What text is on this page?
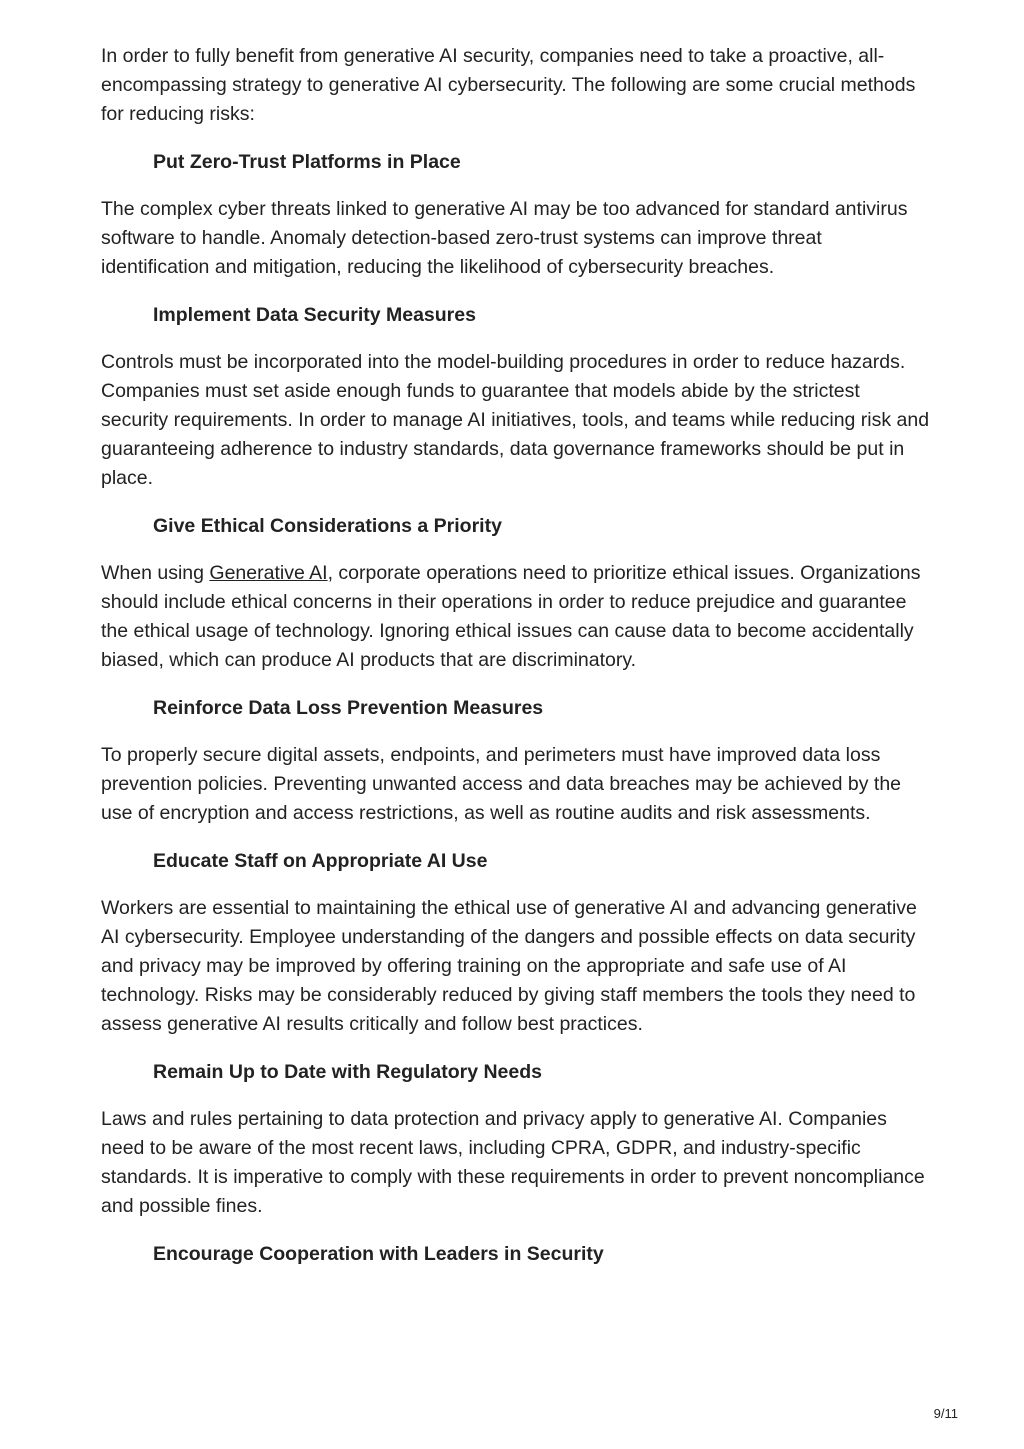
In order to fully benefit from generative AI security, companies need to take a proactive, all-encompassing strategy to generative AI cybersecurity. The following are some crucial methods for reducing risks:

Put Zero-Trust Platforms in Place

The complex cyber threats linked to generative AI may be too advanced for standard antivirus software to handle. Anomaly detection-based zero-trust systems can improve threat identification and mitigation, reducing the likelihood of cybersecurity breaches.

Implement Data Security Measures

Controls must be incorporated into the model-building procedures in order to reduce hazards. Companies must set aside enough funds to guarantee that models abide by the strictest security requirements. In order to manage AI initiatives, tools, and teams while reducing risk and guaranteeing adherence to industry standards, data governance frameworks should be put in place.

Give Ethical Considerations a Priority

When using Generative AI, corporate operations need to prioritize ethical issues. Organizations should include ethical concerns in their operations in order to reduce prejudice and guarantee the ethical usage of technology. Ignoring ethical issues can cause data to become accidentally biased, which can produce AI products that are discriminatory.

Reinforce Data Loss Prevention Measures

To properly secure digital assets, endpoints, and perimeters must have improved data loss prevention policies. Preventing unwanted access and data breaches may be achieved by the use of encryption and access restrictions, as well as routine audits and risk assessments.

Educate Staff on Appropriate AI Use

Workers are essential to maintaining the ethical use of generative AI and advancing generative AI cybersecurity. Employee understanding of the dangers and possible effects on data security and privacy may be improved by offering training on the appropriate and safe use of AI technology. Risks may be considerably reduced by giving staff members the tools they need to assess generative AI results critically and follow best practices.

Remain Up to Date with Regulatory Needs

Laws and rules pertaining to data protection and privacy apply to generative AI. Companies need to be aware of the most recent laws, including CPRA, GDPR, and industry-specific standards. It is imperative to comply with these requirements in order to prevent noncompliance and possible fines.

Encourage Cooperation with Leaders in Security
9/11
